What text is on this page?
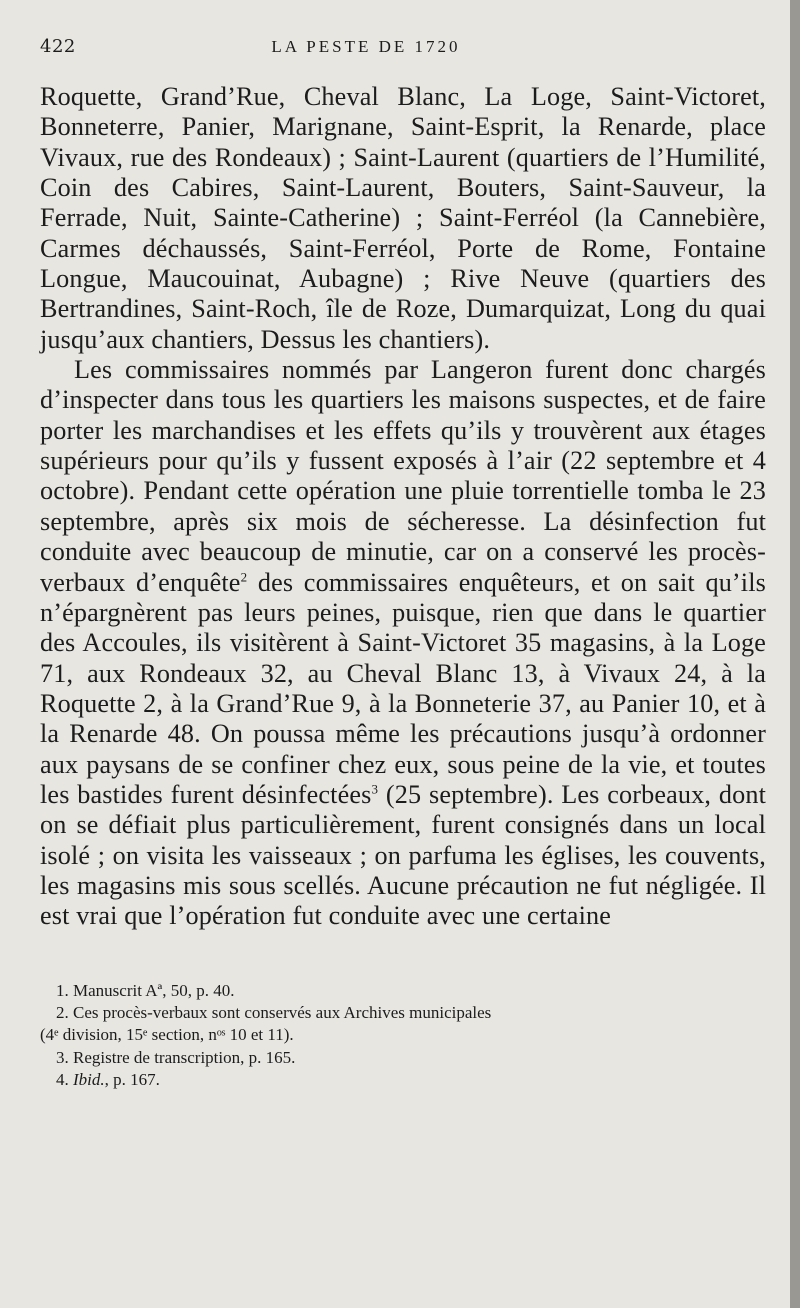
422	LA PESTE DE 1720

Roquette, Grand’Rue, Cheval Blanc, La Loge, Saint-Victoret, Bonneterre, Panier, Marignane, Saint-Esprit, la Renarde, place Vivaux, rue des Rondeaux) ; Saint-Laurent (quartiers de l’Humilité, Coin des Cabires, Saint-Laurent, Bouters, Saint-Sauveur, la Ferrade, Nuit, Sainte-Catherine) ; Saint-Ferréol (la Cannebière, Carmes déchaussés, Saint-Ferréol, Porte de Rome, Fontaine Longue, Maucouinat, Aubagne) ; Rive Neuve (quartiers des Bertrandines, Saint-Roch, île de Roze, Dumarquizat, Long du quai jusqu’aux chantiers, Dessus les chantiers).

Les commissaires nommés par Langeron furent donc chargés d’inspecter dans tous les quartiers les maisons suspectes, et de faire porter les marchandises et les effets qu’ils y trouvèrent aux étages supérieurs pour qu’ils y fussent exposés à l’air (22 septembre et 4 octobre). Pendant cette opération une pluie torrentielle tomba le 23 septembre, après six mois de sécheresse. La désinfection fut conduite avec beaucoup de minutie, car on a conservé les procès-verbaux d’enquête$^2$ des commissaires enquêteurs, et on sait qu’ils n’épargnèrent pas leurs peines, puisque, rien que dans le quartier des Accoules, ils visitèrent à Saint-Victoret 35 magasins, à la Loge 71, aux Rondeaux 32, au Cheval Blanc 13, à Vivaux 24, à la Roquette 2, à la Grand’Rue 9, à la Bonneterie 37, au Panier 10, et à la Renarde 48. On poussa même les précautions jusqu’à ordonner aux paysans de se confiner chez eux, sous peine de la vie, et toutes les bastides furent désinfectées$^3$ (25 septembre). Les corbeaux, dont on se défiait plus particulièrement, furent consignés dans un local isolé ; on visita les vaisseaux ; on parfuma les églises, les couvents, les magasins mis sous scellés. Aucune précaution ne fut négligée. Il est vrai que l’opération fut conduite avec une certaine

1. Manuscrit Aª, 50, p. 40.
2. Ces procès-verbaux sont conservés aux Archives municipales
(4ᵉ division, 15ᵉ section, nᵒˢ 10 et 11).
3. Registre de transcription, p. 165.
4. Ibid., p. 167.
